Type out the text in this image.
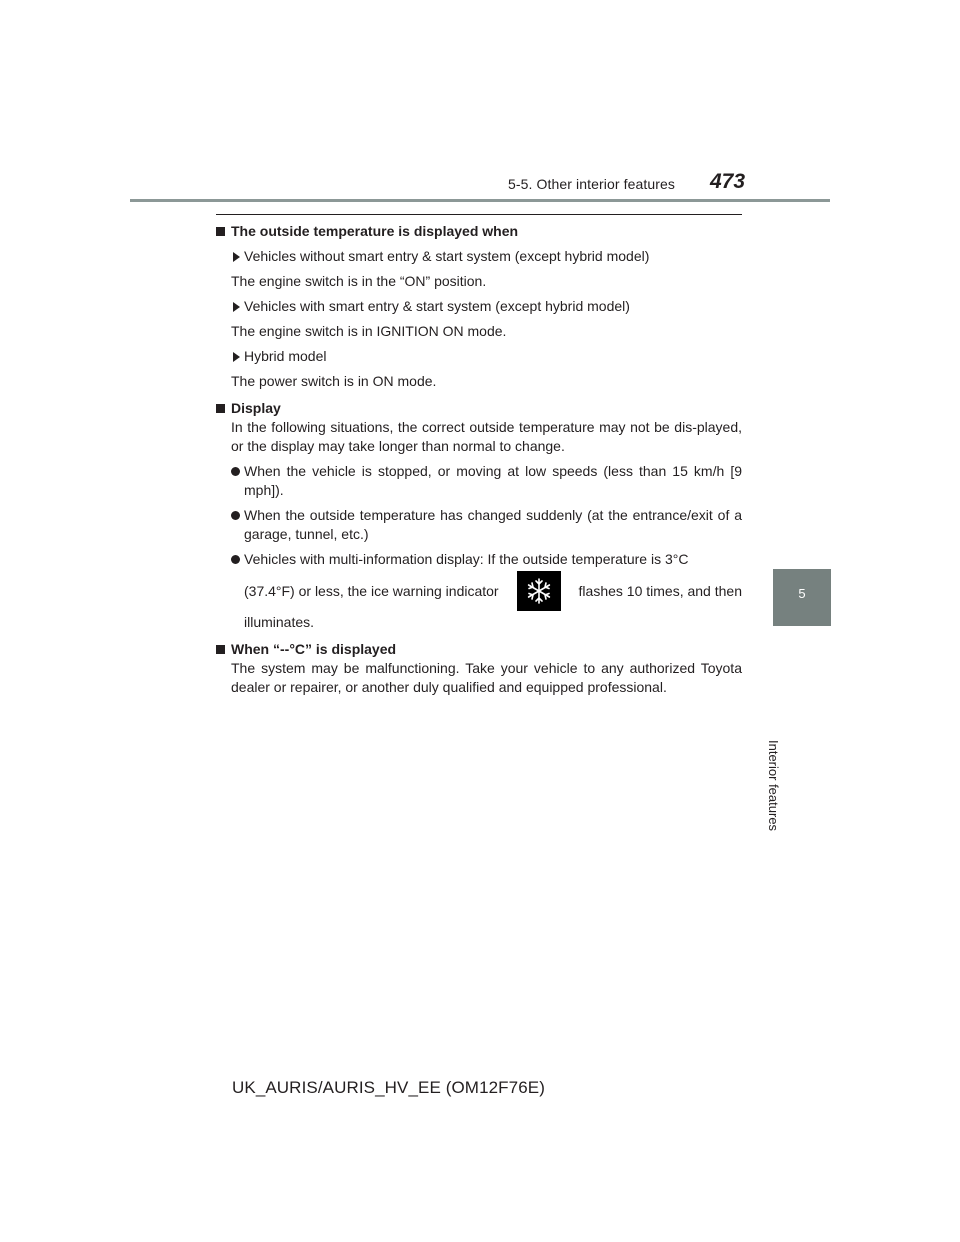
5-5. Other interior features 473
5
Interior features
The outside temperature is displayed when
Vehicles without smart entry & start system (except hybrid model)
The engine switch is in the “ON” position.
Vehicles with smart entry & start system (except hybrid model)
The engine switch is in IGNITION ON mode.
Hybrid model
The power switch is in ON mode.
Display
In the following situations, the correct outside temperature may not be dis-played, or the display may take longer than normal to change.
When the vehicle is stopped, or moving at low speeds (less than 15 km/h [9 mph]).
When the outside temperature has changed suddenly (at the entrance/exit of a garage, tunnel, etc.)
Vehicles with multi-information display: If the outside temperature is 3°C
(37.4°F) or less, the ice warning indicator	flashes 10 times, and then
illuminates.
When “--°C” is displayed
The system may be malfunctioning. Take your vehicle to any authorized Toyota dealer or repairer, or another duly qualified and equipped professional.
UK_AURIS/AURIS_HV_EE (OM12F76E)
